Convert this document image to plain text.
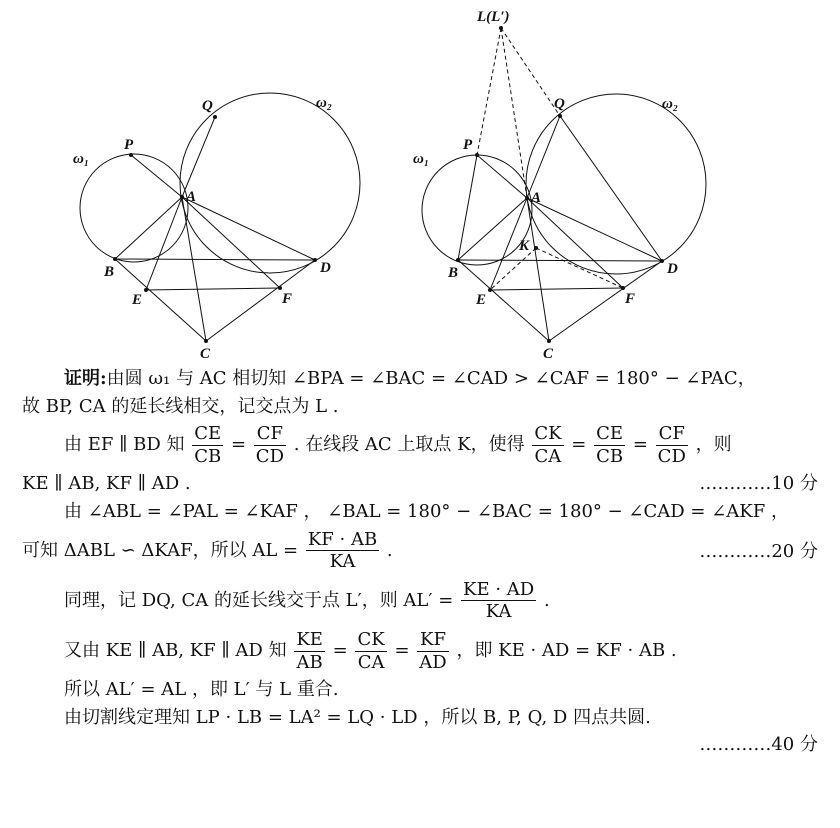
ω₁
ω₂
P
Q
A
B	D
E	F
C
L(L′)
ω₁
ω₂
P
Q
A
K
B	D
E	F
C
证明:由圆 ω₁ 与 AC 相切知 ∠BPA = ∠BAC = ∠CAD > ∠CAF = 180° − ∠PAC，
故 BP, CA 的延长线相交，记交点为 L .
由 EF ∥ BD 知 $\frac{CE}{CB} = \frac{CF}{CD}$ . 在线段 AC 上取点 K，使得 $\frac{CK}{CA} = \frac{CE}{CB} = \frac{CF}{CD}$ ，则
KE ∥ AB, KF ∥ AD .	…………10 分
由 ∠ABL = ∠PAL = ∠KAF ， ∠BAL = 180° − ∠BAC = 180° − ∠CAD = ∠AKF ，
可知 ΔABL ∽ ΔKAF，所以 AL = $\frac{KF \cdot AB}{KA}$ .	…………20 分
同理，记 DQ, CA 的延长线交于点 L′，则 $AL' = \frac{KE \cdot AD}{KA}$ .
又由 KE ∥ AB, KF ∥ AD 知 $\frac{KE}{AB} = \frac{CK}{CA} = \frac{KF}{AD}$ ，即 KE · AD = KF · AB .
所以 AL′ = AL ，即 L′ 与 L 重合.
由切割线定理知 LP · LB = LA² = LQ · LD ，所以 B, P, Q, D 四点共圆.
…………40 分
